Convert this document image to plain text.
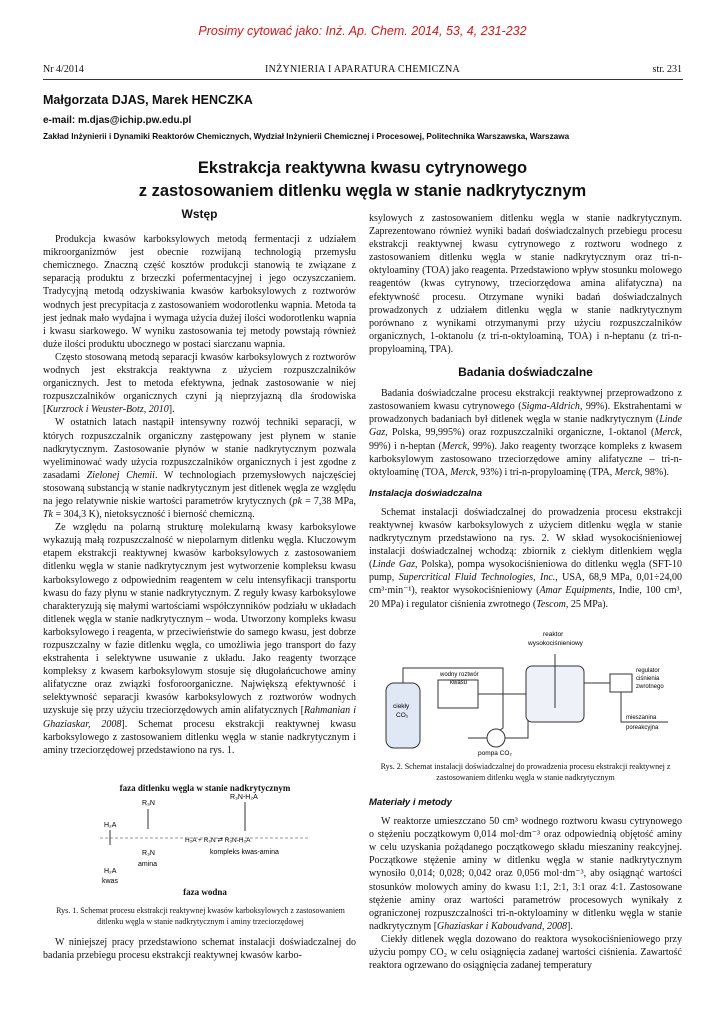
Prosimy cytować jako: Inż. Ap. Chem. 2014, 53, 4, 231-232
Nr 4/2014	INŻYNIERIA I APARATURA CHEMICZNA	str. 231
Małgorzata DJAS, Marek HENCZKA
e-mail: m.djas@ichip.pw.edu.pl
Zakład Inżynierii i Dynamiki Reaktorów Chemicznych, Wydział Inżynierii Chemicznej i Procesowej, Politechnika Warszawska, Warszawa
Ekstrakcja reaktywna kwasu cytrynowego
z zastosowaniem ditlenku węgla w stanie nadkrytycznym
Wstęp

Produkcja kwasów karboksylowych metodą fermentacji z udziałem mikroorganizmów jest obecnie rozwijaną technologią przemysłu chemicznego. Znaczną część kosztów produkcji stanowią te związane z separacją produktu z brzeczki pofermentacyjnej i jego oczyszczaniem. Tradycyjną metodą odzyskiwania kwasów karboksylowych z roztworów wodnych jest precypitacja z zastosowaniem wodorotlenku wapnia. Metoda ta jest jednak mało wydajna i wymaga użycia dużej ilości wodorotlenku wapnia i kwasu siarkowego. W wyniku zastosowania tej metody powstają również duże ilości produktu ubocznego w postaci siarczanu wapnia.

Często stosowaną metodą separacji kwasów karboksylowych z roztworów wodnych jest ekstrakcja reaktywna z użyciem rozpuszczalników organicznych. Jest to metoda efektywna, jednak zastosowanie w niej rozpuszczalników organicznych czyni ją nieprzyjazną dla środowiska [Kurzrock i Weuster-Botz, 2010].

W ostatnich latach nastąpił intensywny rozwój techniki separacji, w których rozpuszczalnik organiczny zastępowany jest płynem w stanie nadkrytycznym. Zastosowanie płynów w stanie nadkrytycznym pozwala wyeliminować wady użycia rozpuszczalników organicznych i jest zgodne z zasadami Zielonej Chemii. W technologiach przemysłowych najczęściej stosowaną substancją w stanie nadkrytycznym jest ditlenek węgla ze względu na jego relatywnie niskie wartości parametrów krytycznych (pk = 7,38 MPa, Tk = 304,3 K), nietoksyczność i bierność chemiczną.

Ze względu na polarną strukturę molekularną kwasy karboksylowe wykazują małą rozpuszczalność w niepolarnym ditlenku węgla. Kluczowym etapem ekstrakcji reaktywnej kwasów karboksylowych z zastosowaniem ditlenku węgla w stanie nadkrytycznym jest wytworzenie kompleksu kwasu karboksylowego z odpowiednim reagentem w celu intensyfikacji transportu kwasu do fazy płynu w stanie nadkrytycznym. Z reguły kwasy karboksylowe charakteryzują się małymi wartościami współczynników podziału w układach ditlenek węgla w stanie nadkrytycznym – woda. Utworzony kompleks kwasu karboksylowego i reagenta, w przeciwieństwie do samego kwasu, jest dobrze rozpuszczalny w fazie ditlenku węgla, co umożliwia jego transport do fazy ekstrahenta i selektywne usuwanie z układu. Jako reagenty tworzące kompleksy z kwasem karboksylowym stosuje się długołańcuchowe aminy alifatyczne oraz związki fosforoorganiczne. Największą efektywność i selektywność separacji kwasów karboksylowych z roztworów wodnych uzyskuje się przy użyciu trzeciorzędowych amin alifatycznych [Rahmanian i Ghaziaskar, 2008]. Schemat procesu ekstrakcji reaktywnej kwasu karboksylowego z zastosowaniem ditlenku węgla w stanie nadkrytycznym i aminy trzeciorzędowej przedstawiono na rys. 1.

faza ditlenku węgla w stanie nadkrytycznym
R₃N
R₃N-H₂A
H₂A
H₂A + R₃N ⇄ R₃N-H₂A
R₃N
amina
kompleks kwas-amina
H₂A
kwas
faza wodna
Rys. 1. Schemat procesu ekstrakcji reaktywnej kwasów karboksylowych z zastosowaniem ditlenku węgla w stanie nadkrytycznym i aminy trzeciorzędowej

W niniejszej pracy przedstawiono schemat instalacji doświadczalnej do badania przebiegu procesu ekstrakcji reaktywnej kwasów karbo-

ksylowych z zastosowaniem ditlenku węgla w stanie nadkrytycznym. Zaprezentowano również wyniki badań doświadczalnych przebiegu procesu ekstrakcji reaktywnej kwasu cytrynowego z roztworu wodnego z zastosowaniem ditlenku węgla w stanie nadkrytycznym oraz tri-n-oktyloaminy (TOA) jako reagenta. Przedstawiono wpływ stosunku molowego reagentów (kwas cytrynowy, trzeciorzędowa amina alifatyczna) na efektywność procesu. Otrzymane wyniki badań doświadczalnych prowadzonych z udziałem ditlenku węgla w stanie nadkrytycznym porównano z wynikami otrzymanymi przy użyciu rozpuszczalników organicznych, 1-oktanolu (z tri-n-oktyloaminą, TOA) i n-heptanu (z tri-n-propyloaminą, TPA).

Badania doświadczalne

Badania doświadczalne procesu ekstrakcji reaktywnej przeprowadzono z zastosowaniem kwasu cytrynowego (Sigma-Aldrich, 99%). Ekstrahentami w prowadzonych badaniach był ditlenek węgla w stanie nadkrytycznym (Linde Gaz, Polska, 99,995%) oraz rozpuszczalniki organiczne, 1-oktanol (Merck, 99%) i n-heptan (Merck, 99%). Jako reagenty tworzące kompleks z kwasem karboksylowym zastosowano trzeciorzędowe aminy alifatyczne – tri-n-oktyloaminę (TOA, Merck, 93%) i tri-n-propyloaminę (TPA, Merck, 98%).

Instalacja doświadczalna

Schemat instalacji doświadczalnej do prowadzenia procesu ekstrakcji reaktywnej kwasów karboksylowych z użyciem ditlenku węgla w stanie nadkrytycznym przedstawiono na rys. 2. W skład wysokociśnieniowej instalacji doświadczalnej wchodzą: zbiornik z ciekłym ditlenkiem węgla (Linde Gaz, Polska), pompa wysokociśnieniowa do ditlenku węgla (SFT-10 pump, Supercritical Fluid Technologies, Inc., USA, 68,9 MPa, 0,01÷24,00 cm³·min⁻¹), reaktor wysokociśnieniowy (Amar Equipments, Indie, 100 cm³, 20 MPa) i regulator ciśnienia zwrotnego (Tescom, 25 MPa).

ciekły
CO₂
pompa CO₂
wodny roztwór
kwasu
reaktor
wysokociśnieniowy
regulator
ciśnienia
zwrotnego
mieszanina
poreakcyjna
Rys. 2. Schemat instalacji doświadczalnej do prowadzenia procesu ekstrakcji reaktywnej z zastosowaniem ditlenku węgla w stanie nadkrytycznym
Materiały i metody

W reaktorze umieszczano 50 cm³ wodnego roztworu kwasu cytrynowego o stężeniu początkowym 0,014 mol·dm⁻³ oraz odpowiednią objętość aminy w celu uzyskania pożądanego początkowego składu mieszaniny reakcyjnej. Początkowe stężenie aminy w ditlenku węgla w stanie nadkrytycznym wynosiło 0,014; 0,028; 0,042 oraz 0,056 mol·dm⁻³, aby osiągnąć wartości stosunków molowych aminy do kwasu 1:1, 2:1, 3:1 oraz 4:1. Zastosowane stężenie aminy oraz wartości parametrów procesowych wynikały z ograniczonej rozpuszczalności tri-n-oktyloaminy w ditlenku węgla w stanie nadkrytycznym [Ghaziaskar i Kaboudvand, 2008].

Ciekły ditlenek węgla dozowano do reaktora wysokociśnieniowego przy użyciu pompy CO₂ w celu osiągnięcia zadanej wartości ciśnienia. Zawartość reaktora ogrzewano do osiągnięcia zadanej temperatury
